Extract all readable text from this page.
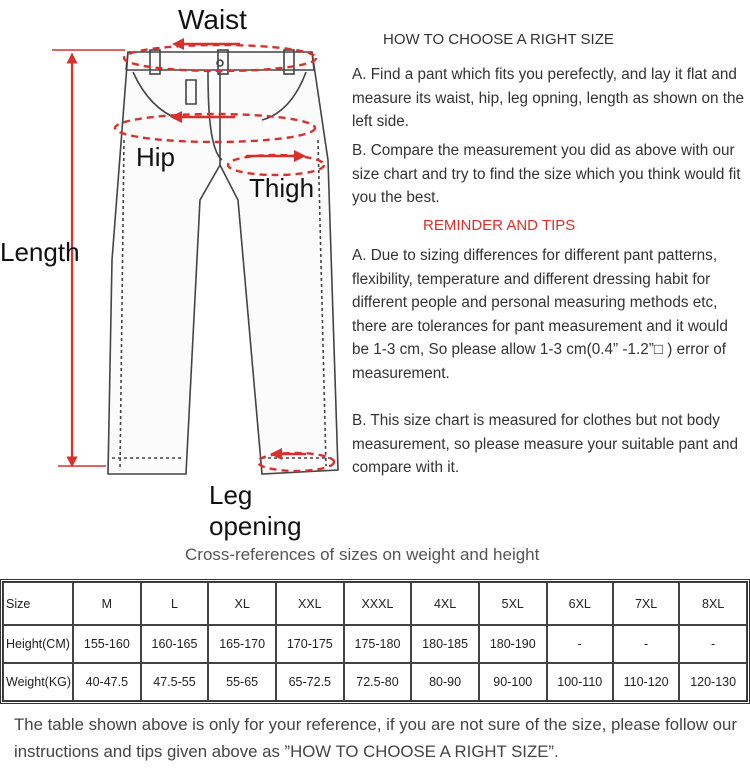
Waist
Hip
Thigh
Length
Leg opening
HOW TO CHOOSE A RIGHT SIZE
A. Find a pant which fits you perefectly, and lay it flat and measure its waist, hip, leg opning, length as shown on the left side.
B. Compare the measurement you did as above with our size chart and try to find the size which you think would fit you the best.
REMINDER AND TIPS
A. Due to sizing differences for different pant patterns, flexibility, temperature and different dressing habit for different people and personal measuring methods etc, there are tolerances for pant measurement and it would be 1-3 cm, So please allow 1-3 cm(0.4” -1.2”□ ) error of measurement.
B. This size chart is measured for clothes but not body measurement, so please measure your suitable pant and compare with it.
Cross-references of sizes on weight and height
Size	M	L	XL	XXL	XXXL	4XL	5XL	6XL	7XL	8XL
Height(CM)	155-160	160-165	165-170	170-175	175-180	180-185	180-190	-	-	-
Weight(KG)	40-47.5	47.5-55	55-65	65-72.5	72.5-80	80-90	90-100	100-110	110-120	120-130
The table shown above is only for your reference, if you are not sure of the size, please follow our instructions and tips given above as ”HOW TO CHOOSE A RIGHT SIZE”.
